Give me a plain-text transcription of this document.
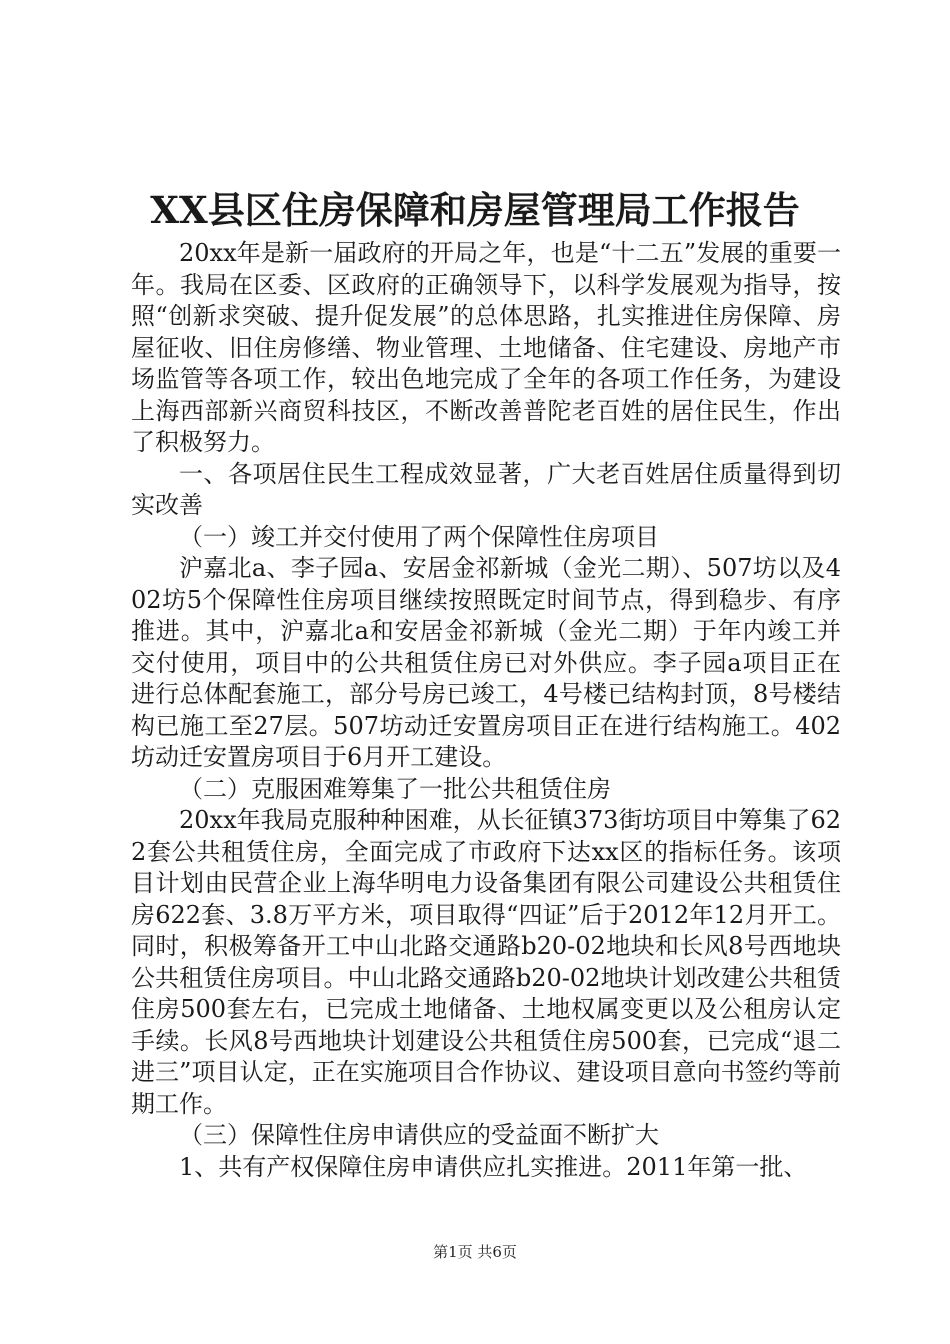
XX县区住房保障和房屋管理局工作报告

20xx年是新一届政府的开局之年，也是“十二五”发展的重要一年。我局在区委、区政府的正确领导下，以科学发展观为指导，按照“创新求突破、提升促发展”的总体思路，扎实推进住房保障、房屋征收、旧住房修缮、物业管理、土地储备、住宅建设、房地产市场监管等各项工作，较出色地完成了全年的各项工作任务，为建设上海西部新兴商贸科技区，不断改善普陀老百姓的居住民生，作出了积极努力。

一、各项居住民生工程成效显著，广大老百姓居住质量得到切实改善

（一）竣工并交付使用了两个保障性住房项目

沪嘉北a、李子园a、安居金祁新城（金光二期）、507坊以及402坊5个保障性住房项目继续按照既定时间节点，得到稳步、有序推进。其中，沪嘉北a和安居金祁新城（金光二期）于年内竣工并交付使用，项目中的公共租赁住房已对外供应。李子园a项目正在进行总体配套施工，部分号房已竣工，4号楼已结构封顶，8号楼结构已施工至27层。507坊动迁安置房项目正在进行结构施工。402坊动迁安置房项目于6月开工建设。

（二）克服困难筹集了一批公共租赁住房

20xx年我局克服种种困难，从长征镇373街坊项目中筹集了622套公共租赁住房，全面完成了市政府下达xx区的指标任务。该项目计划由民营企业上海华明电力设备集团有限公司建设公共租赁住房622套、3.8万平方米，项目取得“四证”后于2012年12月开工。同时，积极筹备开工中山北路交通路b20-02地块和长风8号西地块公共租赁住房项目。中山北路交通路b20-02地块计划改建公共租赁住房500套左右，已完成土地储备、土地权属变更以及公租房认定手续。长风8号西地块计划建设公共租赁住房500套，已完成“退二进三”项目认定，正在实施项目合作协议、建设项目意向书签约等前期工作。

（三）保障性住房申请供应的受益面不断扩大

1、共有产权保障住房申请供应扎实推进。2011年第一批、

第1页 共6页
